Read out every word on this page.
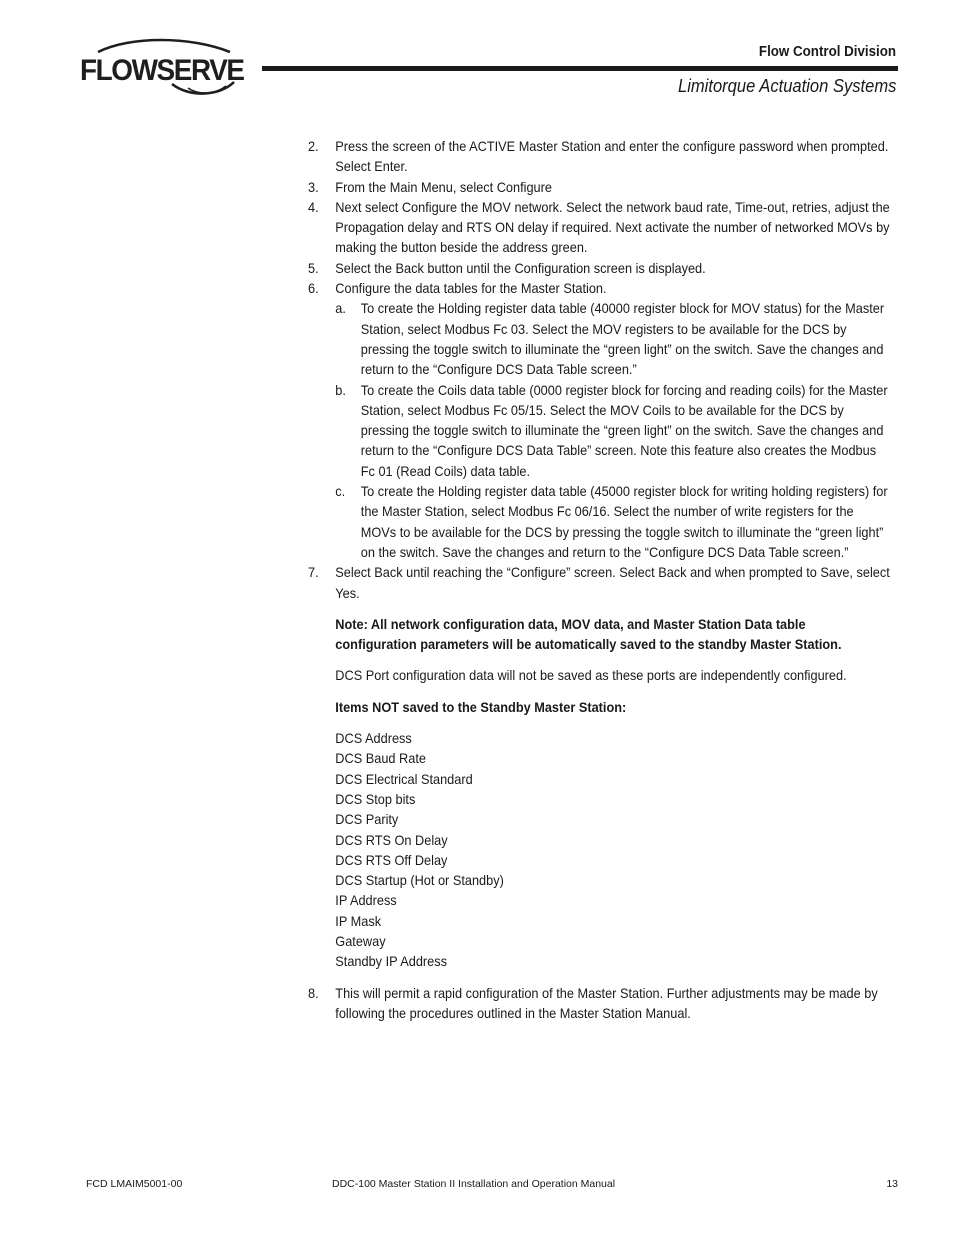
FLOWSERVE
Flow Control Division
Limitorque Actuation Systems
2. Press the screen of the ACTIVE Master Station and enter the configure password when prompted. Select Enter.
3. From the Main Menu, select Configure
4. Next select Configure the MOV network. Select the network baud rate, Time-out, retries, adjust the Propagation delay and RTS ON delay if required. Next activate the number of networked MOVs by making the button beside the address green.
5. Select the Back button until the Configuration screen is displayed.
6. Configure the data tables for the Master Station.
a. To create the Holding register data table (40000 register block for MOV status) for the Master Station, select Modbus Fc 03. Select the MOV registers to be available for the DCS by pressing the toggle switch to illuminate the “green light” on the switch. Save the changes and return to the “Configure DCS Data Table screen.”
b. To create the Coils data table (0000 register block for forcing and reading coils) for the Master Station, select Modbus Fc 05/15. Select the MOV Coils to be available for the DCS by pressing the toggle switch to illuminate the “green light” on the switch. Save the changes and return to the “Configure DCS Data Table” screen. Note this feature also creates the Modbus Fc 01 (Read Coils) data table.
c. To create the Holding register data table (45000 register block for writing holding registers) for the Master Station, select Modbus Fc 06/16. Select the number of write registers for the MOVs to be available for the DCS by pressing the toggle switch to illuminate the “green light” on the switch. Save the changes and return to the “Configure DCS Data Table screen.”
7. Select Back until reaching the “Configure” screen. Select Back and when prompted to Save, select Yes.
Note: All network configuration data, MOV data, and Master Station Data table configuration parameters will be automatically saved to the standby Master Station.
DCS Port configuration data will not be saved as these ports are independently configured.
Items NOT saved to the Standby Master Station:
DCS Address
DCS Baud Rate
DCS Electrical Standard
DCS Stop bits
DCS Parity
DCS RTS On Delay
DCS RTS Off Delay
DCS Startup (Hot or Standby)
IP Address
IP Mask
Gateway
Standby IP Address
8. This will permit a rapid configuration of the Master Station. Further adjustments may be made by following the procedures outlined in the Master Station Manual.
FCD LMAIM5001-00	DDC-100 Master Station II Installation and Operation Manual	13
